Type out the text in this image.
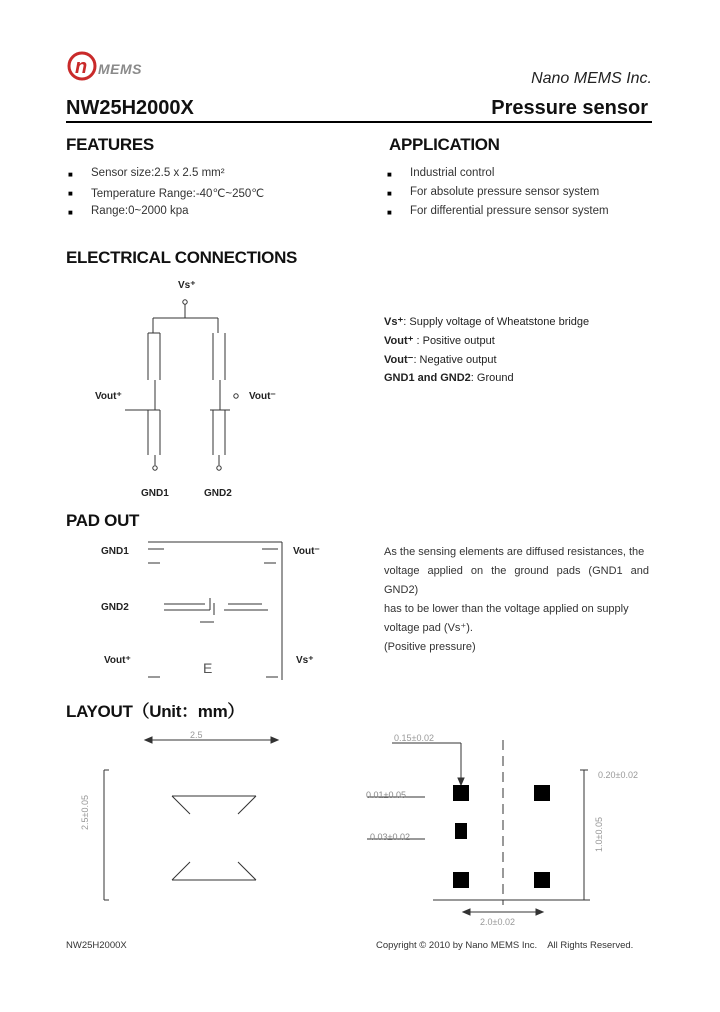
n MEMS
Nano MEMS Inc.
NW25H2000X	Pressure sensor
FEATURES
■ Sensor size:2.5 x 2.5 mm²
■ Temperature Range:-40℃~250℃
■ Range:0~2000 kpa
APPLICATION
■ Industrial control
■ For absolute pressure sensor system
■ For differential pressure sensor system
ELECTRICAL CONNECTIONS
Vs⁺
Vout⁺	Vout⁻
GND1	GND2
Vs⁺: Supply voltage of Wheatstone bridge
Vout⁺ : Positive output
Vout⁻: Negative output
GND1 and GND2: Ground
PAD OUT
GND1
GND2
Vout⁺
Vout⁻
Vs⁺
E
As the sensing elements are diffused resistances, the
voltage applied on the ground pads (GND1 and GND2)
has to be lower than the voltage applied on supply
voltage pad (Vs⁺).
(Positive pressure)
LAYOUT（Unit：mm）
2.5
2.5±0.05
0.15±0.02
0.01±0.05
0.03±0.02
0.20±0.02
1.0±0.05
2.0±0.02
NW25H2000X	Copyright © 2010 by Nano MEMS Inc.    All Rights Reserved.
